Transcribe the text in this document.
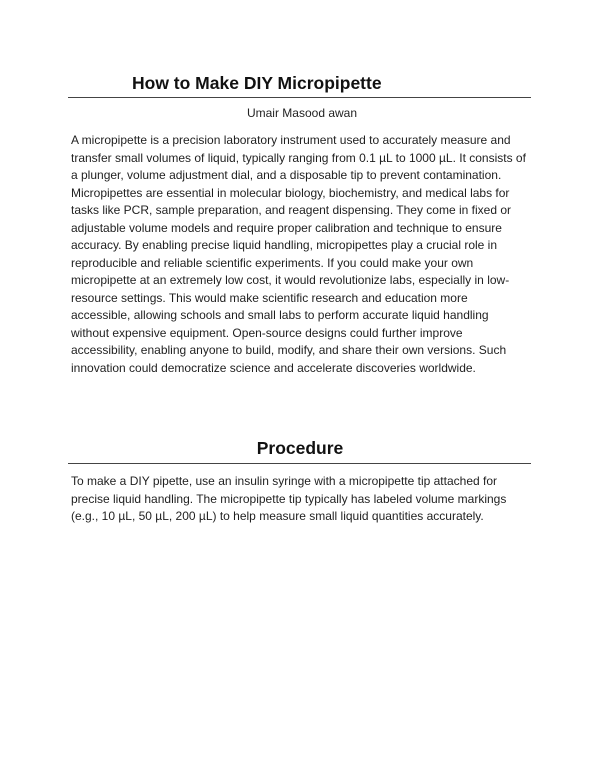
How to Make DIY Micropipette
Umair Masood awan

A micropipette is a precision laboratory instrument used to accurately measure and transfer small volumes of liquid, typically ranging from 0.1 µL to 1000 µL. It consists of a plunger, volume adjustment dial, and a disposable tip to prevent contamination. Micropipettes are essential in molecular biology, biochemistry, and medical labs for tasks like PCR, sample preparation, and reagent dispensing. They come in fixed or adjustable volume models and require proper calibration and technique to ensure accuracy. By enabling precise liquid handling, micropipettes play a crucial role in reproducible and reliable scientific experiments. If you could make your own micropipette at an extremely low cost, it would revolutionize labs, especially in low-resource settings. This would make scientific research and education more accessible, allowing schools and small labs to perform accurate liquid handling without expensive equipment. Open-source designs could further improve accessibility, enabling anyone to build, modify, and share their own versions. Such innovation could democratize science and accelerate discoveries worldwide.

Procedure

To make a DIY pipette, use an insulin syringe with a micropipette tip attached for precise liquid handling. The micropipette tip typically has labeled volume markings (e.g., 10 µL, 50 µL, 200 µL) to help measure small liquid quantities accurately.
